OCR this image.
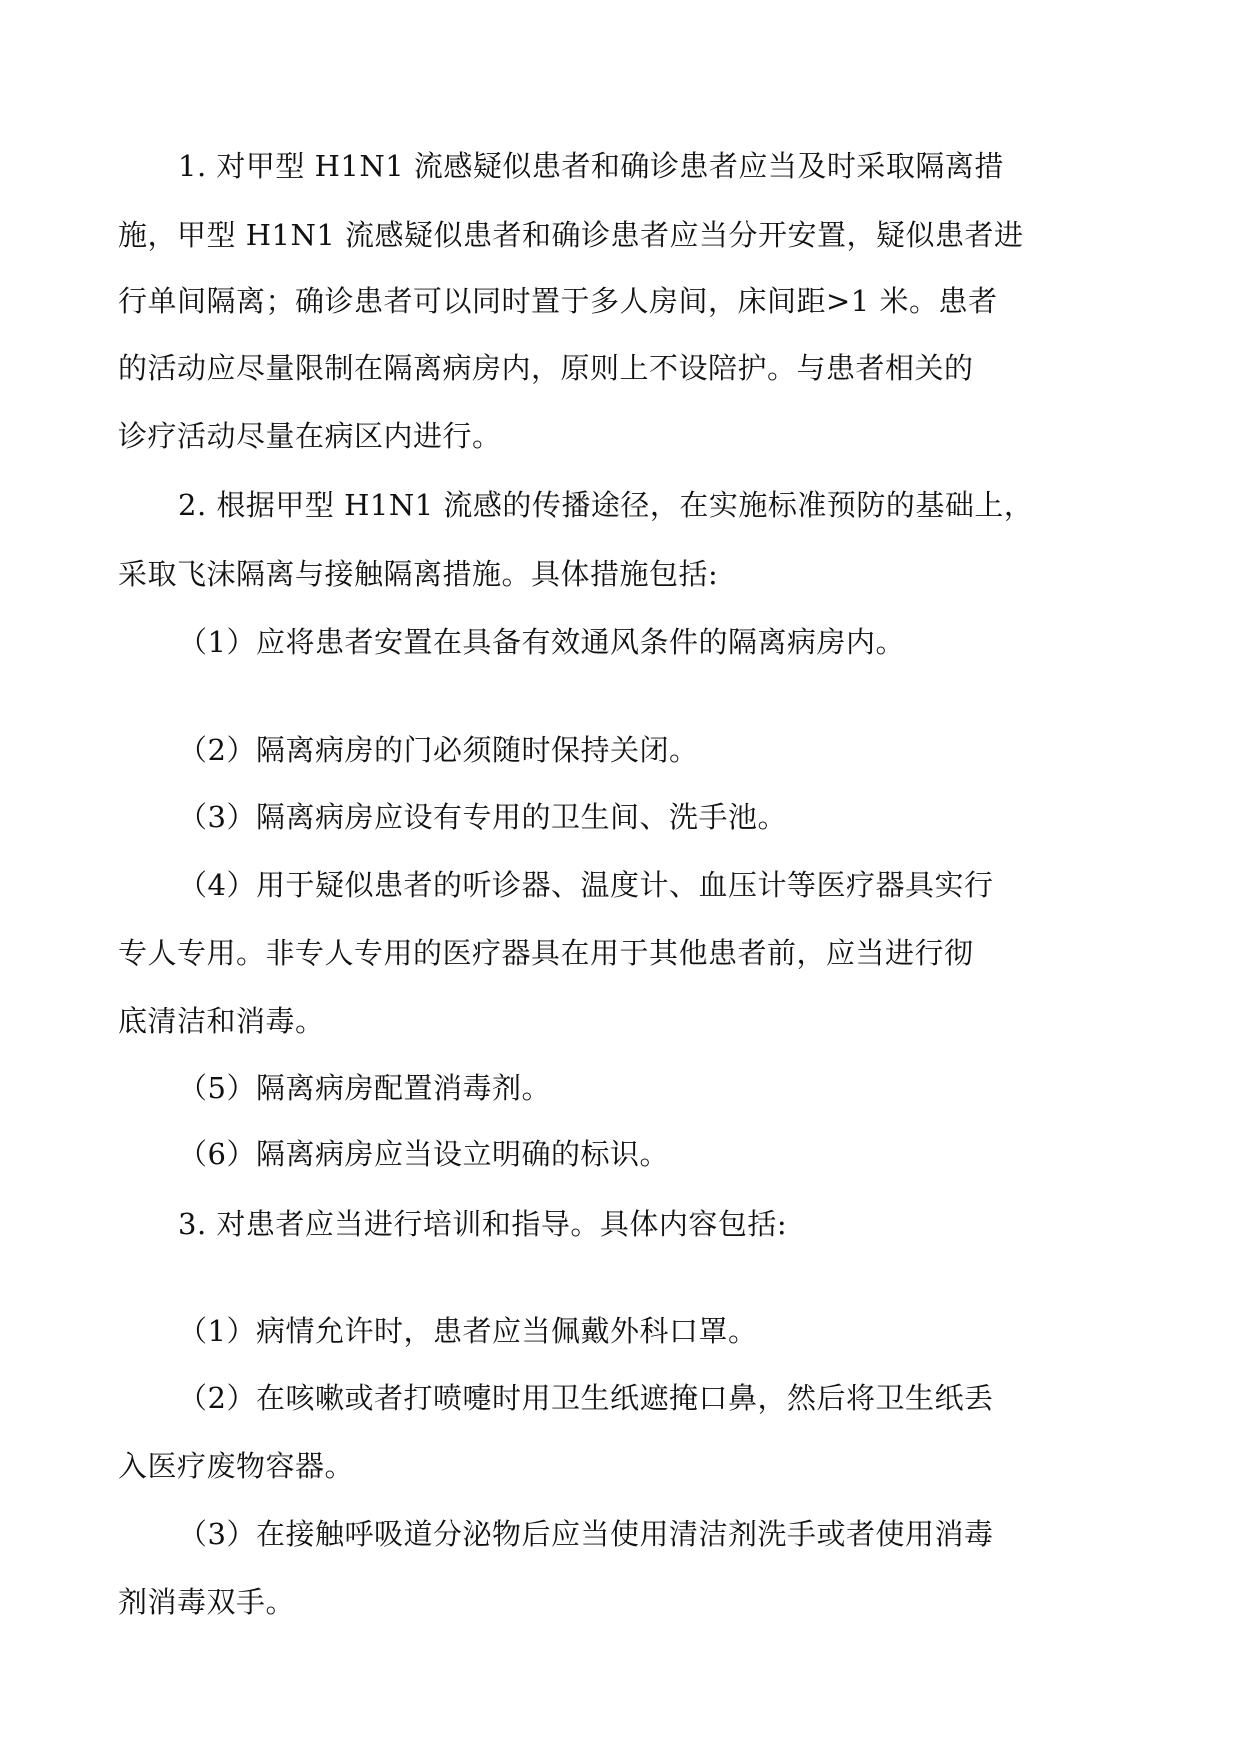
1. 对甲型 H1N1 流感疑似患者和确诊患者应当及时采取隔离措
施，甲型 H1N1 流感疑似患者和确诊患者应当分开安置，疑似患者进
行单间隔离；确诊患者可以同时置于多人房间，床间距>1 米。患者
的活动应尽量限制在隔离病房内，原则上不设陪护。与患者相关的
诊疗活动尽量在病区内进行。
2. 根据甲型 H1N1 流感的传播途径，在实施标准预防的基础上，
采取飞沫隔离与接触隔离措施。具体措施包括:
（1）应将患者安置在具备有效通风条件的隔离病房内。
（2）隔离病房的门必须随时保持关闭。
（3）隔离病房应设有专用的卫生间、洗手池。
（4）用于疑似患者的听诊器、温度计、血压计等医疗器具实行
专人专用。非专人专用的医疗器具在用于其他患者前，应当进行彻
底清洁和消毒。
（5）隔离病房配置消毒剂。
（6）隔离病房应当设立明确的标识。
3. 对患者应当进行培训和指导。具体内容包括:
（1）病情允许时，患者应当佩戴外科口罩。
（2）在咳嗽或者打喷嚏时用卫生纸遮掩口鼻，然后将卫生纸丢
入医疗废物容器。
（3）在接触呼吸道分泌物后应当使用清洁剂洗手或者使用消毒
剂消毒双手。
